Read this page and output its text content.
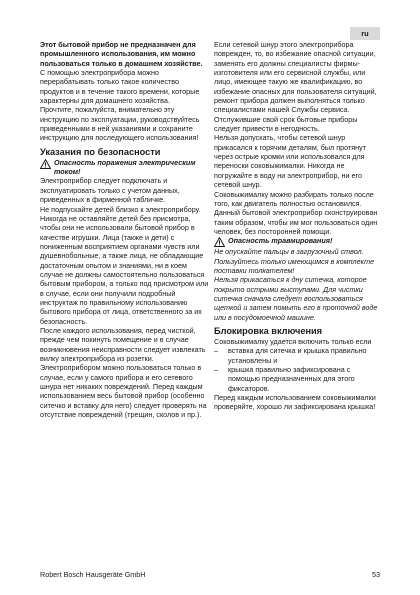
ru

Этот бытовой прибор не предназначен для промышленного использования, им можно пользоваться только в домашнем хозяйстве.

С помощью электроприбора можно перерабатывать только такое количество продуктов и в течение такого времени, которые характерны для домашнего хозяйства.

Прочтите, пожалуйста, внимательно эту инструкцию по эксплуатации, руководствуйтесь приведенными в ней указаниями и сохраните инструкцию для последующего использования!

Указания по безопасности
Опасность поражения электрическим током!

Электроприбор следует подключать и эксплуатировать только с учетом данных, приведенных в фирменной табличке.

Не подпускайте детей близко к электроприбору. Никогда не оставляйте детей без присмотра, чтобы они не использовали бытовой прибор в качестве игрушки. Лица (также и дети) с пониженным восприятием органами чувств или душевнобольные, а также лица, не обладающие достаточным опытом и знаниями, ни в коем случае не должны самостоятельно пользоваться бытовым прибором, а только под присмотром или в случае, если они получили подробный инструктаж по правильному использованию бытового прибора от лица, ответственного за их безопасность.

После каждого использования, перед чисткой, прежде чем покинуть помещение и в случае возникновения неисправности следует извлекать вилку электроприбора из розетки.

Электроприбором можно пользоваться только в случае, если у самого прибора и его сетевого шнура нет никаких повреждений. Перед каждым использованием весь бытовой прибор (особенно ситечко и вставку для него) следует проверять на отсутствие повреждений (трещин, сколов и пр.).

Если сетевой шнур этого электроприбора поврежден, то, во избежание опасной ситуации, заменять его должны специалисты фирмы-изготовителя или его сервисной службы, или лицо, имеющее такую же квалификацию, во избежание опасных для пользователя ситуаций, ремонт прибора должен выполняться только специалистами нашей Службы сервиса. Отслужившие свой срок бытовые приборы следует привести в негодность.

Нельзя допускать, чтобы сетевой шнур прикасался к горячим деталям, был протянут через острые кромки или использовался для переноски соковыжималки. Никогда не погружайте в воду ни электроприбор, ни его сетевой шнур.

Соковыжималку можно разбирать только после того, как двигатель полностью остановился.

Данный бытовой электроприбор сконструирован таким образом, чтобы им мог пользоваться один человек, без посторонней помощи.

Опасность травмирования!

Не опускайте пальцы в загрузочный ствол. Пользуйтесь только имеющимся в комплекте поставки толкателем!

Нельзя прикасаться к дну ситечка, которое покрыто острыми выступами. Для чистки ситечка сначала следует воспользоваться щеткой и затем помыть его в проточной воде или в посудомоечной машине.

Блокировка включения

Соковыжималку удается включить только если

–	вставка для ситечка и крышка правильно установлены и
–	крышка правильно зафиксирована с помощью предназначенных для этого фиксаторов.

Перед каждым использованием соковыжималки проверяйте, хорошо ли зафиксирована крышка!

Robert Bosch Hausgeräte GmbH	53
